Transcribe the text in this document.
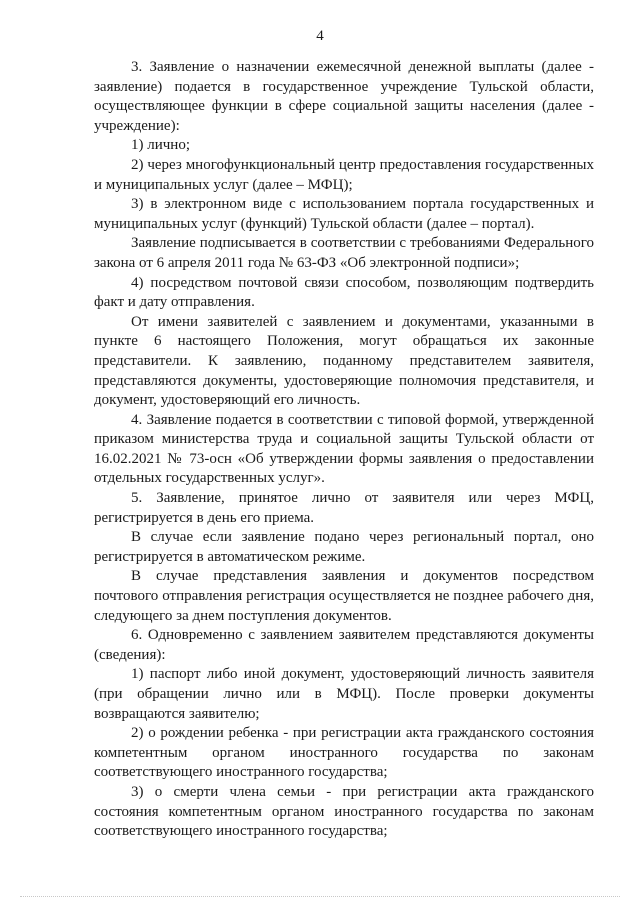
4

3. Заявление о назначении ежемесячной денежной выплаты (далее - заявление) подается в государственное учреждение Тульской области, осуществляющее функции в сфере социальной защиты населения (далее - учреждение):

1) лично;

2) через многофункциональный центр предоставления государственных и муниципальных услуг (далее – МФЦ);

3) в электронном виде с использованием портала государственных и муниципальных услуг (функций) Тульской области (далее – портал).

Заявление подписывается в соответствии с требованиями Федерального закона от 6 апреля 2011 года № 63-ФЗ «Об электронной подписи»;

4) посредством почтовой связи способом, позволяющим подтвердить факт и дату отправления.

От имени заявителей с заявлением и документами, указанными в пункте 6 настоящего Положения, могут обращаться их законные представители. К заявлению, поданному представителем заявителя, представляются документы, удостоверяющие полномочия представителя, и документ, удостоверяющий его личность.

4. Заявление подается в соответствии с типовой формой, утвержденной приказом министерства труда и социальной защиты Тульской области от 16.02.2021 № 73-осн «Об утверждении формы заявления о предоставлении отдельных государственных услуг».

5. Заявление, принятое лично от заявителя или через МФЦ, регистрируется в день его приема.

В случае если заявление подано через региональный портал, оно регистрируется в автоматическом режиме.

В случае представления заявления и документов посредством почтового отправления регистрация осуществляется не позднее рабочего дня, следующего за днем поступления документов.

6. Одновременно с заявлением заявителем представляются документы (сведения):

1) паспорт либо иной документ, удостоверяющий личность заявителя (при обращении лично или в МФЦ). После проверки документы возвращаются заявителю;

2) о рождении ребенка - при регистрации акта гражданского состояния компетентным органом иностранного государства по законам соответствующего иностранного государства;

3) о смерти члена семьи - при регистрации акта гражданского состояния компетентным органом иностранного государства по законам соответствующего иностранного государства;
